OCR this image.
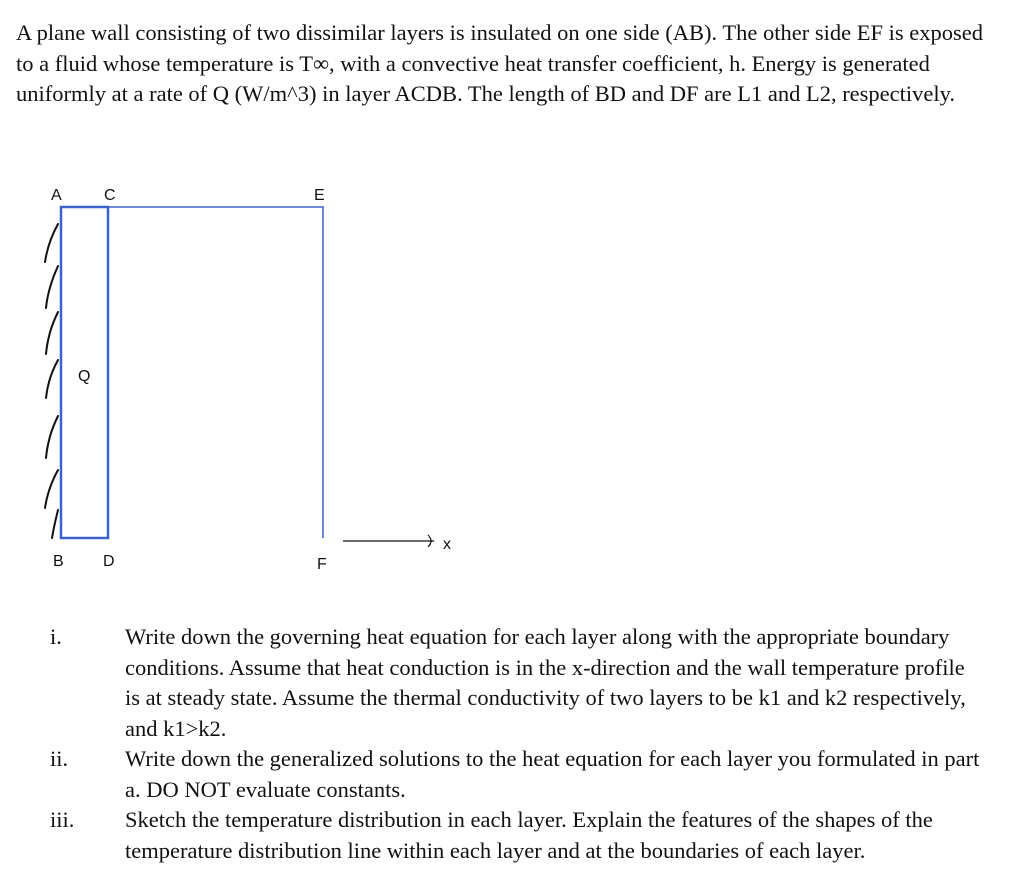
A plane wall consisting of two dissimilar layers is insulated on one side (AB). The other side EF is exposed to a fluid whose temperature is T∞, with a convective heat transfer coefficient, h. Energy is generated uniformly at a rate of Q (W/m^3) in layer ACDB. The length of BD and DF are L1 and L2, respectively.
A	C	E
B D	F
Q
x
i.	Write down the governing heat equation for each layer along with the appropriate boundary conditions. Assume that heat conduction is in the x-direction and the wall temperature profile is at steady state. Assume the thermal conductivity of two layers to be k1 and k2 respectively, and k1>k2.
ii.	Write down the generalized solutions to the heat equation for each layer you formulated in part a. DO NOT evaluate constants.
iii. Sketch the temperature distribution in each layer. Explain the features of the shapes of the temperature distribution line within each layer and at the boundaries of each layer.
